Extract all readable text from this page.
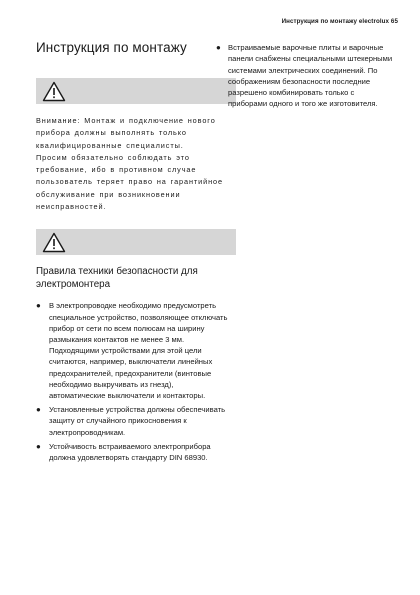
Инструкция по монтажу electrolux 65
Инструкция по монтажу

Внимание: Монтаж и подключение нового прибора должны выполнять только квалифицированные специалисты.

Просим обязательно соблюдать это требование, ибо в противном случае пользователь теряет право на гарантийное обслуживание при возникновении неисправностей.

Правила техники безопасности для электромонтера
● В электропроводке необходимо предусмотреть специальное устройство, позволяющее отключать прибор от сети по всем полюсам на ширину размыкания контактов не менее 3 мм. Подходящими устройствами для этой цели считаются, например, выключатели линейных предохранителей, предохранители (винтовые необходимо выкручивать из гнезд), автоматические выключатели и контакторы.
● Установленные устройства должны обеспечивать защиту от случайного прикосновения к электропроводникам.
● Устойчивость встраиваемого электроприбора должна удовлетворять стандарту DIN 68930.
● Встраиваемые варочные плиты и варочные панели снабжены специальными штекерными системами электрических соединений. По соображениям безопасности последние разрешено комбинировать только с приборами одного и того же изготовителя.
